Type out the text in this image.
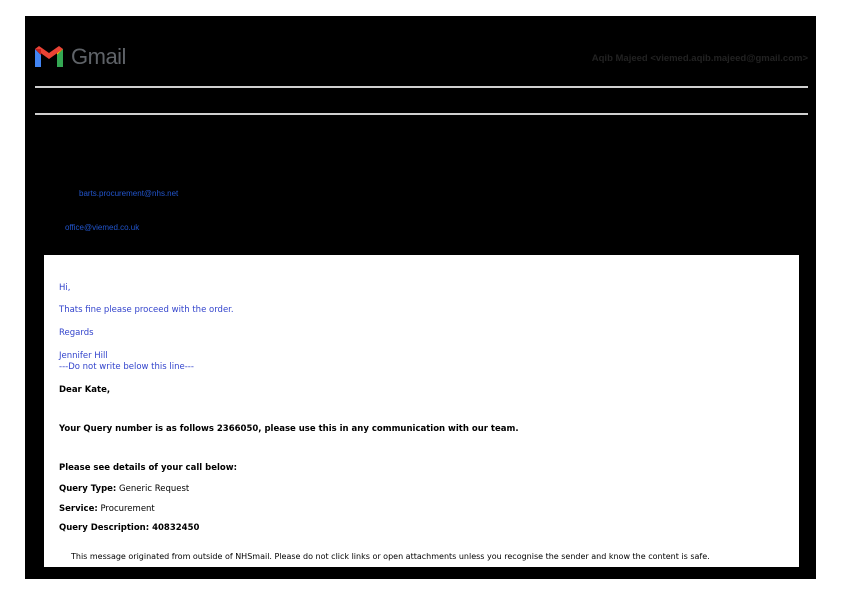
Gmail	Aqib Majeed <viemed.aqib.majeed@gmail.com>
barts.procurement@nhs.net
office@viemed.co.uk
Hi,
Thats fine please proceed with the order.
Regards
Jennifer Hill
---Do not write below this line---
Dear Kate,
Your Query number is as follows 2366050, please use this in any communication with our team.
Please see details of your call below:
Query Type: Generic Request
Service: Procurement
Query Description: 40832450
This message originated from outside of NHSmail. Please do not click links or open attachments unless you recognise the sender and know the content is safe.
